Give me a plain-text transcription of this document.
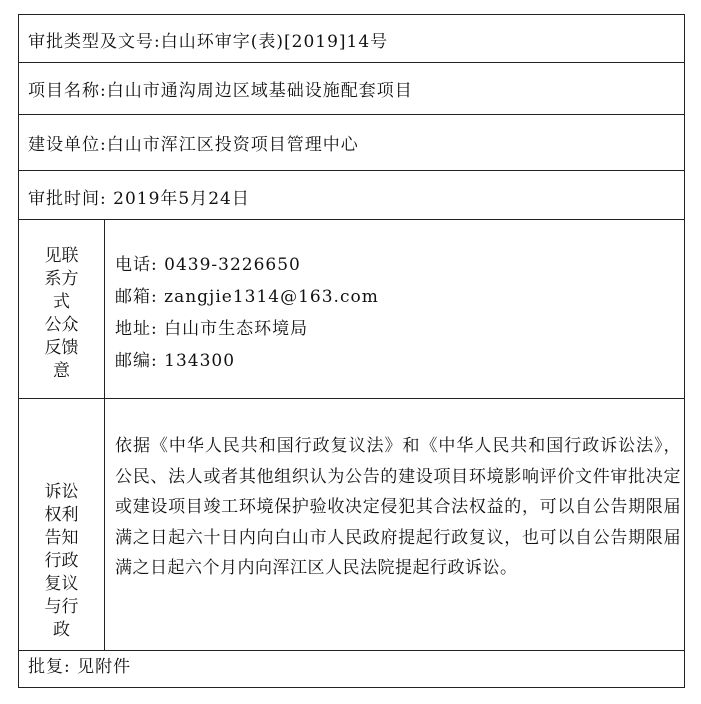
审批类型及文号:白山环审字(表)[2019]14号
项目名称:白山市通沟周边区域基础设施配套项目
建设单位:白山市浑江区投资项目管理中心
审批时间: 2019年5月24日
见联
系方
式
公众
反馈
意
电话: 0439-3226650
邮箱: zangjie1314@163.com
地址: 白山市生态环境局
邮编: 134300
诉讼
权利
告知
行政
复议
与行
政
依据《中华人民共和国行政复议法》和《中华人民共和国行政诉讼法》，公民、法人或者其他组织认为公告的建设项目环境影响评价文件审批决定或建设项目竣工环境保护验收决定侵犯其合法权益的，可以自公告期限届满之日起六十日内向白山市人民政府提起行政复议，也可以自公告期限届满之日起六个月内向浑江区人民法院提起行政诉讼。
批复: 见附件
